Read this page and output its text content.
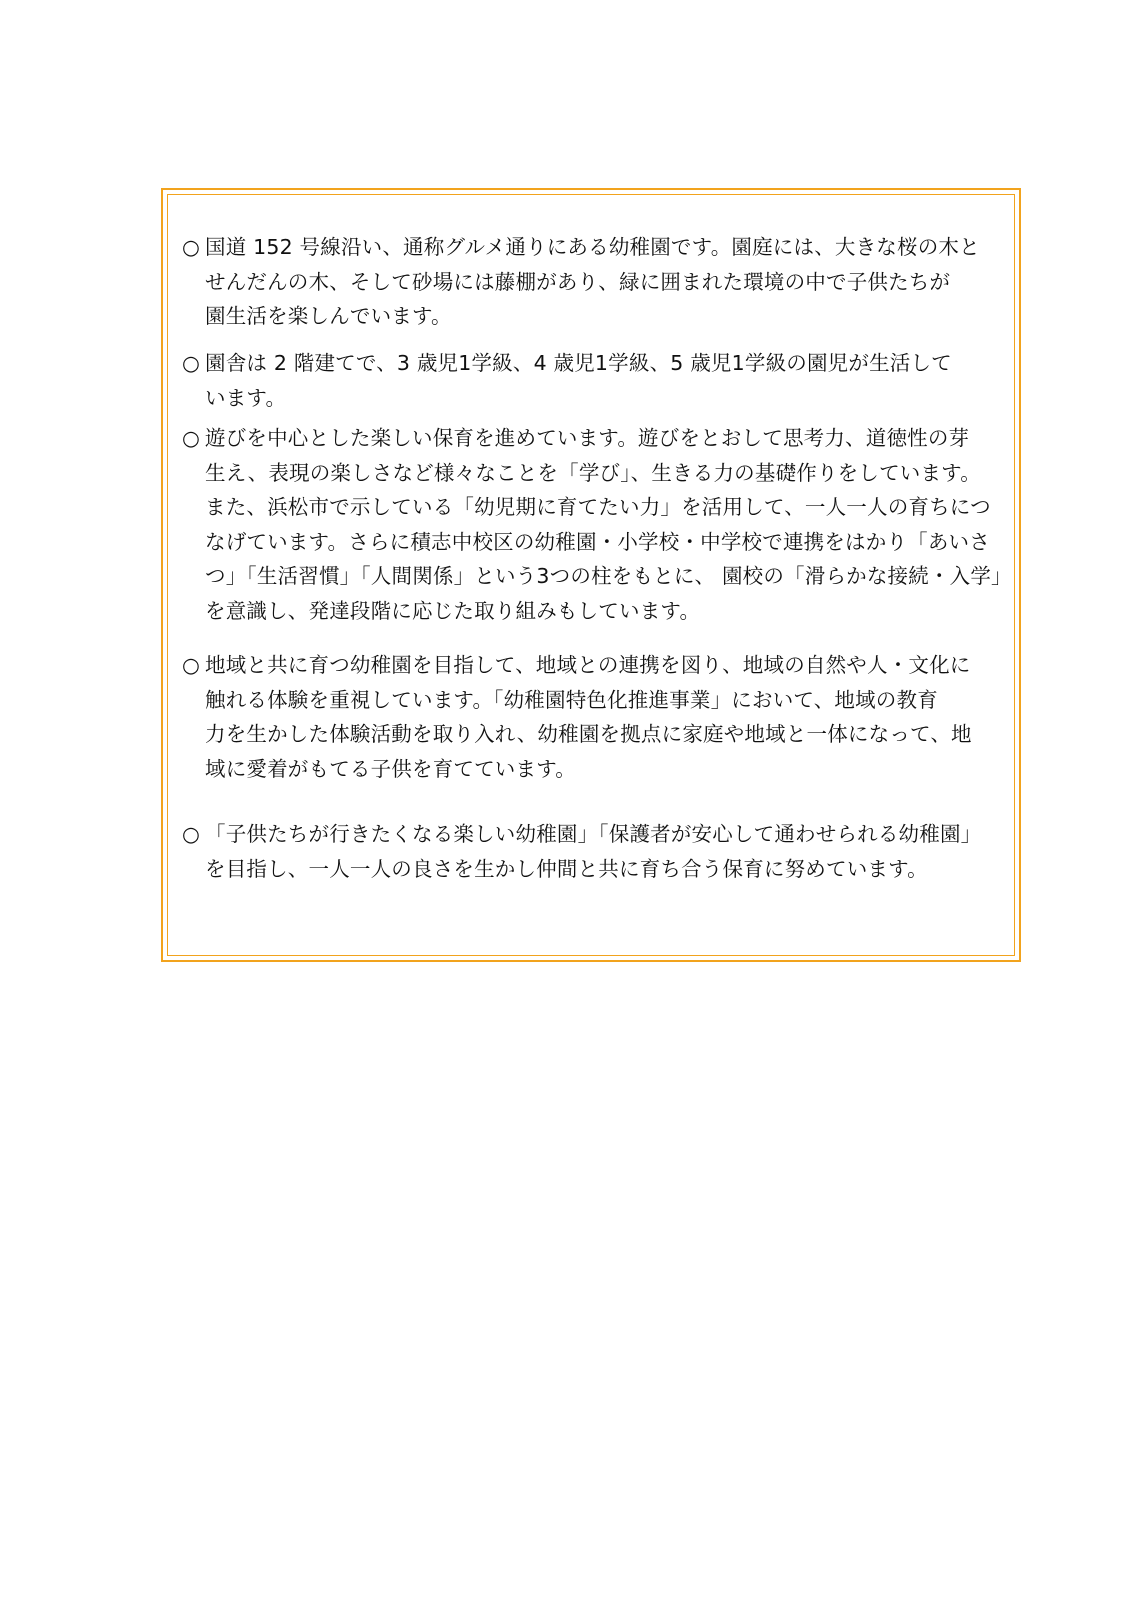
○ 国道 152 号線沿い、通称グルメ通りにある幼稚園です。園庭には、大きな桜の木と
せんだんの木、そして砂場には藤棚があり、緑に囲まれた環境の中で子供たちが
園生活を楽しんでいます。
○ 園舎は 2 階建てで、3 歳児1学級、4 歳児1学級、5 歳児1学級の園児が生活して
います。
○ 遊びを中心とした楽しい保育を進めています。遊びをとおして思考力、道徳性の芽
生え、表現の楽しさなど様々なことを「学び」、生きる力の基礎作りをしています。
また、浜松市で示している「幼児期に育てたい力」を活用して、一人一人の育ちにつ
なげています。さらに積志中校区の幼稚園・小学校・中学校で連携をはかり「あいさ
つ」「生活習慣」「人間関係」という3つの柱をもとに、 園校の「滑らかな接続・入学」
を意識し、発達段階に応じた取り組みもしています。
○ 地域と共に育つ幼稚園を目指して、地域との連携を図り、地域の自然や人・文化に
触れる体験を重視しています。「幼稚園特色化推進事業」において、地域の教育
力を生かした体験活動を取り入れ、幼稚園を拠点に家庭や地域と一体になって、地
域に愛着がもてる子供を育てています。
○ 「子供たちが行きたくなる楽しい幼稚園」「保護者が安心して通わせられる幼稚園」
を目指し、一人一人の良さを生かし仲間と共に育ち合う保育に努めています。
